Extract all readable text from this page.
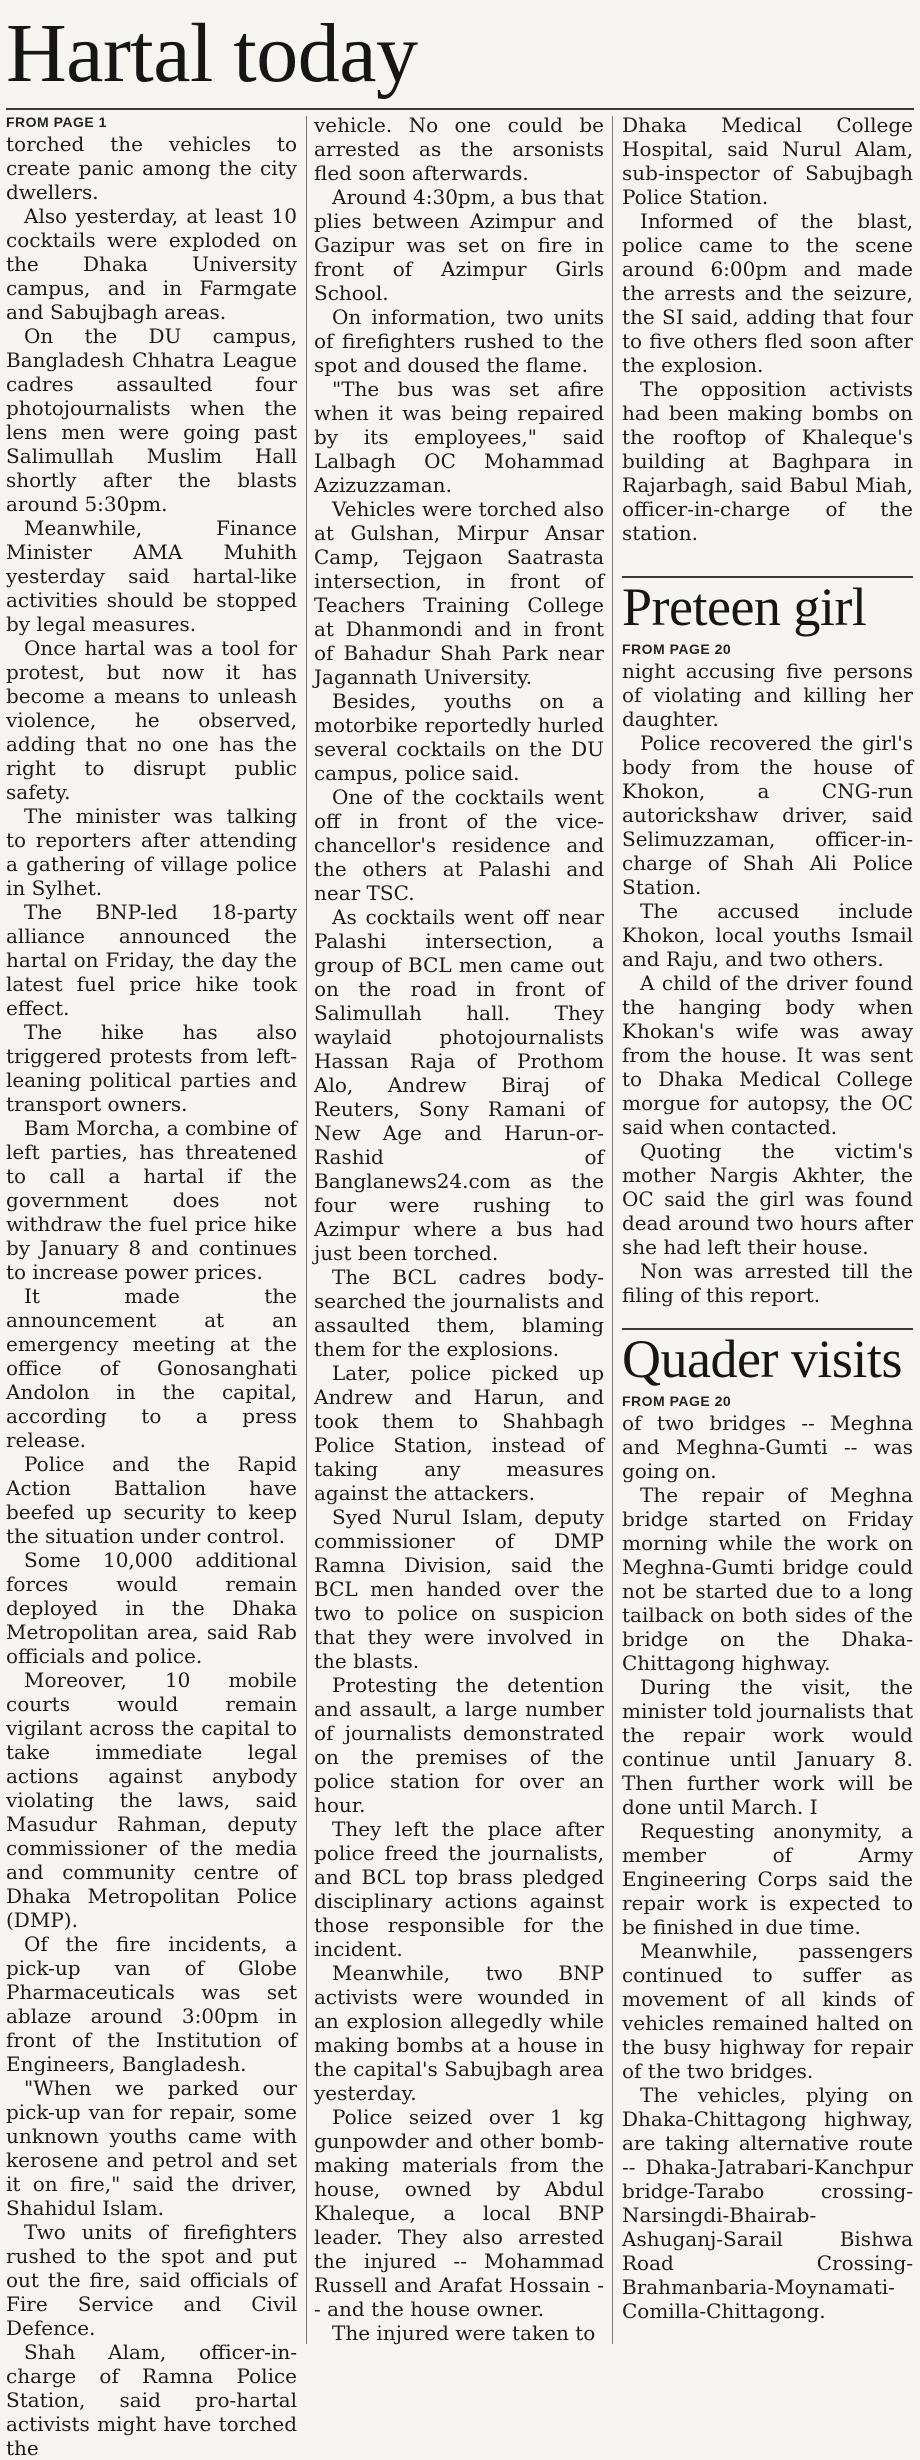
Hartal today
FROM PAGE 1

torched the vehicles to create panic among the city dwellers.

Also yesterday, at least 10 cocktails were exploded on the Dhaka University campus, and in Farmgate and Sabujbagh areas.

On the DU campus, Bangladesh Chhatra League cadres assaulted four photojournalists when the lens men were going past Salimullah Muslim Hall shortly after the blasts around 5:30pm.

Meanwhile, Finance Minister AMA Muhith yesterday said hartal-like activities should be stopped by legal measures.

Once hartal was a tool for protest, but now it has become a means to unleash violence, he observed, adding that no one has the right to disrupt public safety.

The minister was talking to reporters after attending a gathering of village police in Sylhet.

The BNP-led 18-party alliance announced the hartal on Friday, the day the latest fuel price hike took effect.

The hike has also triggered protests from left-leaning political parties and transport owners.

Bam Morcha, a combine of left parties, has threatened to call a hartal if the government does not withdraw the fuel price hike by January 8 and continues to increase power prices.

It made the announcement at an emergency meeting at the office of Gonosanghati Andolon in the capital, according to a press release.

Police and the Rapid Action Battalion have beefed up security to keep the situation under control.

Some 10,000 additional forces would remain deployed in the Dhaka Metropolitan area, said Rab officials and police.

Moreover, 10 mobile courts would remain vigilant across the capital to take immediate legal actions against anybody violating the laws, said Masudur Rahman, deputy commissioner of the media and community centre of Dhaka Metropolitan Police (DMP).

Of the fire incidents, a pick-up van of Globe Pharmaceuticals was set ablaze around 3:00pm in front of the Institution of Engineers, Bangladesh.

"When we parked our pick-up van for repair, some unknown youths came with kerosene and petrol and set it on fire," said the driver, Shahidul Islam.

Two units of firefighters rushed to the spot and put out the fire, said officials of Fire Service and Civil Defence.

Shah Alam, officer-in-charge of Ramna Police Station, said pro-hartal activists might have torched the

vehicle. No one could be arrested as the arsonists fled soon afterwards.

Around 4:30pm, a bus that plies between Azimpur and Gazipur was set on fire in front of Azimpur Girls School.

On information, two units of firefighters rushed to the spot and doused the flame.

"The bus was set afire when it was being repaired by its employees," said Lalbagh OC Mohammad Azizuzzaman.

Vehicles were torched also at Gulshan, Mirpur Ansar Camp, Tejgaon Saatrasta intersection, in front of Teachers Training College at Dhanmondi and in front of Bahadur Shah Park near Jagannath University.

Besides, youths on a motorbike reportedly hurled several cocktails on the DU campus, police said.

One of the cocktails went off in front of the vice-chancellor's residence and the others at Palashi and near TSC.

As cocktails went off near Palashi intersection, a group of BCL men came out on the road in front of Salimullah hall. They waylaid photojournalists Hassan Raja of Prothom Alo, Andrew Biraj of Reuters, Sony Ramani of New Age and Harun-or-Rashid of Banglanews24.com as the four were rushing to Azimpur where a bus had just been torched.

The BCL cadres body-searched the journalists and assaulted them, blaming them for the explosions.

Later, police picked up Andrew and Harun, and took them to Shahbagh Police Station, instead of taking any measures against the attackers.

Syed Nurul Islam, deputy commissioner of DMP Ramna Division, said the BCL men handed over the two to police on suspicion that they were involved in the blasts.

Protesting the detention and assault, a large number of journalists demonstrated on the premises of the police station for over an hour.

They left the place after police freed the journalists, and BCL top brass pledged disciplinary actions against those responsible for the incident.

Meanwhile, two BNP activists were wounded in an explosion allegedly while making bombs at a house in the capital's Sabujbagh area yesterday.

Police seized over 1 kg gunpowder and other bomb-making materials from the house, owned by Abdul Khaleque, a local BNP leader. They also arrested the injured -- Mohammad Russell and Arafat Hossain -- and the house owner.

The injured were taken to

Dhaka Medical College Hospital, said Nurul Alam, sub-inspector of Sabujbagh Police Station.

Informed of the blast, police came to the scene around 6:00pm and made the arrests and the seizure, the SI said, adding that four to five others fled soon after the explosion.

The opposition activists had been making bombs on the rooftop of Khaleque's building at Baghpara in Rajarbagh, said Babul Miah, officer-in-charge of the station.

Preteen girl
FROM PAGE 20

night accusing five persons of violating and killing her daughter.

Police recovered the girl's body from the house of Khokon, a CNG-run autorickshaw driver, said Selimuzzaman, officer-in-charge of Shah Ali Police Station.

The accused include Khokon, local youths Ismail and Raju, and two others.

A child of the driver found the hanging body when Khokan's wife was away from the house. It was sent to Dhaka Medical College morgue for autopsy, the OC said when contacted.

Quoting the victim's mother Nargis Akhter, the OC said the girl was found dead around two hours after she had left their house.

Non was arrested till the filing of this report.

Quader visits
FROM PAGE 20

of two bridges -- Meghna and Meghna-Gumti -- was going on.

The repair of Meghna bridge started on Friday morning while the work on Meghna-Gumti bridge could not be started due to a long tailback on both sides of the bridge on the Dhaka-Chittagong highway.

During the visit, the minister told journalists that the repair work would continue until January 8. Then further work will be done until March. I

Requesting anonymity, a member of Army Engineering Corps said the repair work is expected to be finished in due time.

Meanwhile, passengers continued to suffer as movement of all kinds of vehicles remained halted on the busy highway for repair of the two bridges.

The vehicles, plying on Dhaka-Chittagong highway, are taking alternative route -- Dhaka-Jatrabari-Kanchpur bridge-Tarabo crossing-Narsingdi-Bhairab-Ashuganj-Sarail Bishwa Road Crossing-Brahmanbaria-Moynamati-Comilla-Chittagong.
